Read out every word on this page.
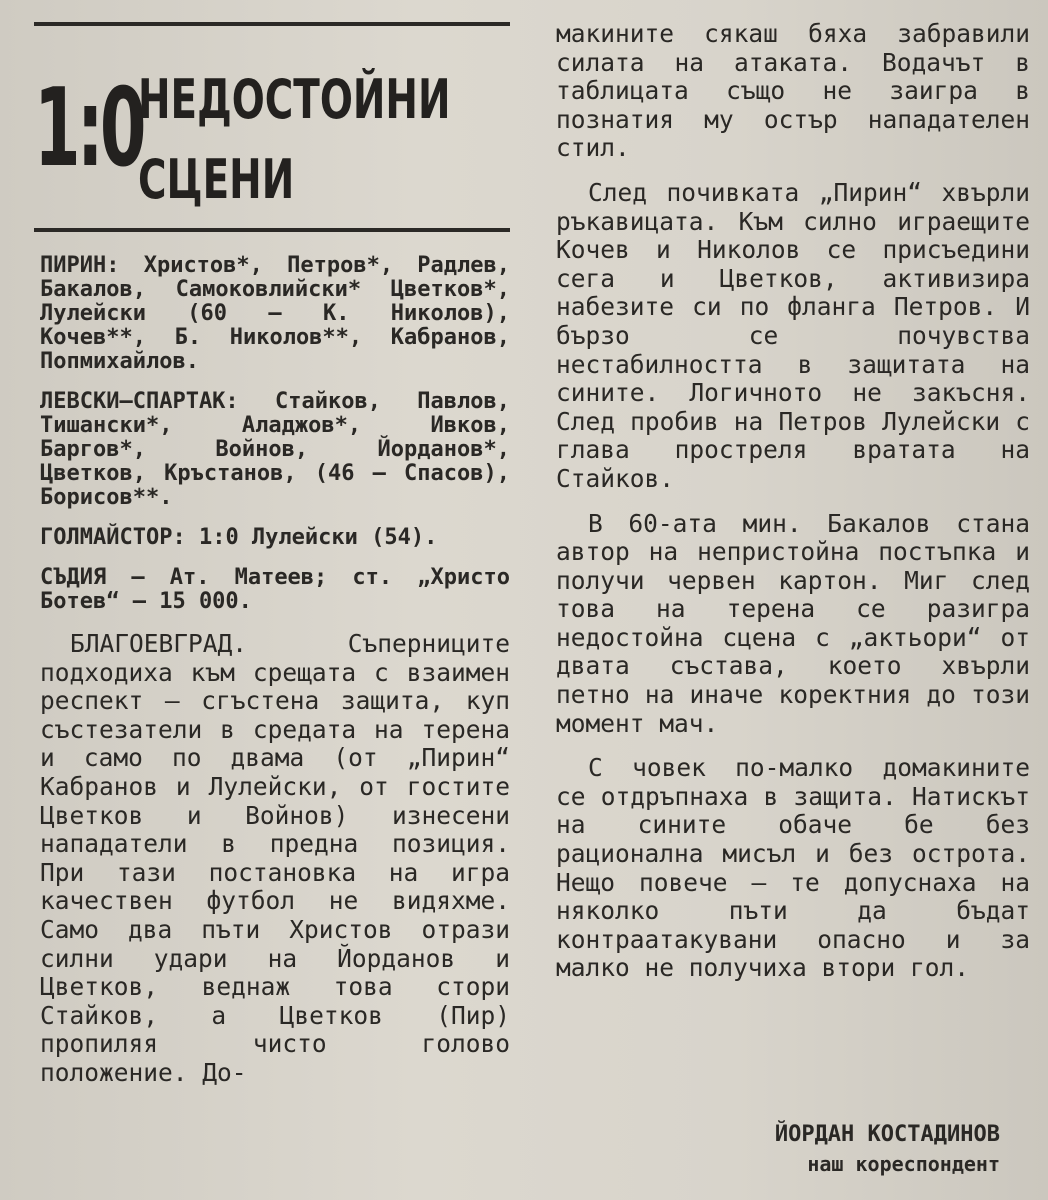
1:0
НЕДОСТОЙНИ
СЦЕНИ

ПИРИН: Христов*, Петров*, Радлев, Бакалов, Самоковлийски* Цветков*, Лулейски (60 — К. Николов), Кочев**, Б. Николов**, Кабранов, Попмихайлов.

ЛЕВСКИ—СПАРТАК: Стайков, Павлов, Тишански*, Аладжов*, Ивков, Баргов*, Войнов, Йорданов*, Цветков, Кръстанов, (46 — Спасов), Борисов**.

ГОЛМАЙСТОР: 1:0 Лулейски (54).

СЪДИЯ — Ат. Матеев; ст. „Христо Ботев“ — 15 000.

БЛАГОЕВГРАД. Съперниците подходиха към срещата с взаимен респект — сгъстена защита, куп състезатели в средата на терена и само по двама (от „Пирин“ Кабранов и Лулейски, от гостите Цветков и Войнов) изнесени нападатели в предна позиция. При тази постановка на игра качествен футбол не видяхме. Само два пъти Христов отрази силни удари на Йорданов и Цветков, веднаж това стори Стайков, а Цветков (Пир) пропиляя чисто голово положение. До-

макините сякаш бяха забравили силата на атаката. Водачът в таблицата също не заигра в познатия му остър нападателен стил.

След почивката „Пирин“ хвърли ръкавицата. Към силно играещите Кочев и Николов се присъедини сега и Цветков, активизира набезите си по фланга Петров. И бързо се почувства нестабилността в защитата на сините. Логичното не закъсня. След пробив на Петров Лулейски с глава простреля вратата на Стайков.

В 60-ата мин. Бакалов стана автор на непристойна постъпка и получи червен картон. Миг след това на терена се разигра недостойна сцена с „актьори“ от двата състава, което хвърли петно на иначе коректния до този момент мач.

С човек по-малко домакините се отдръпнаха в защита. Натискът на сините обаче бе без рационална мисъл и без острота. Нещо повече — те допуснаха на няколко пъти да бъдат контраатакувани опасно и за малко не получиха втори гол.

ЙОРДАН КОСТАДИНОВ
наш кореспондент
